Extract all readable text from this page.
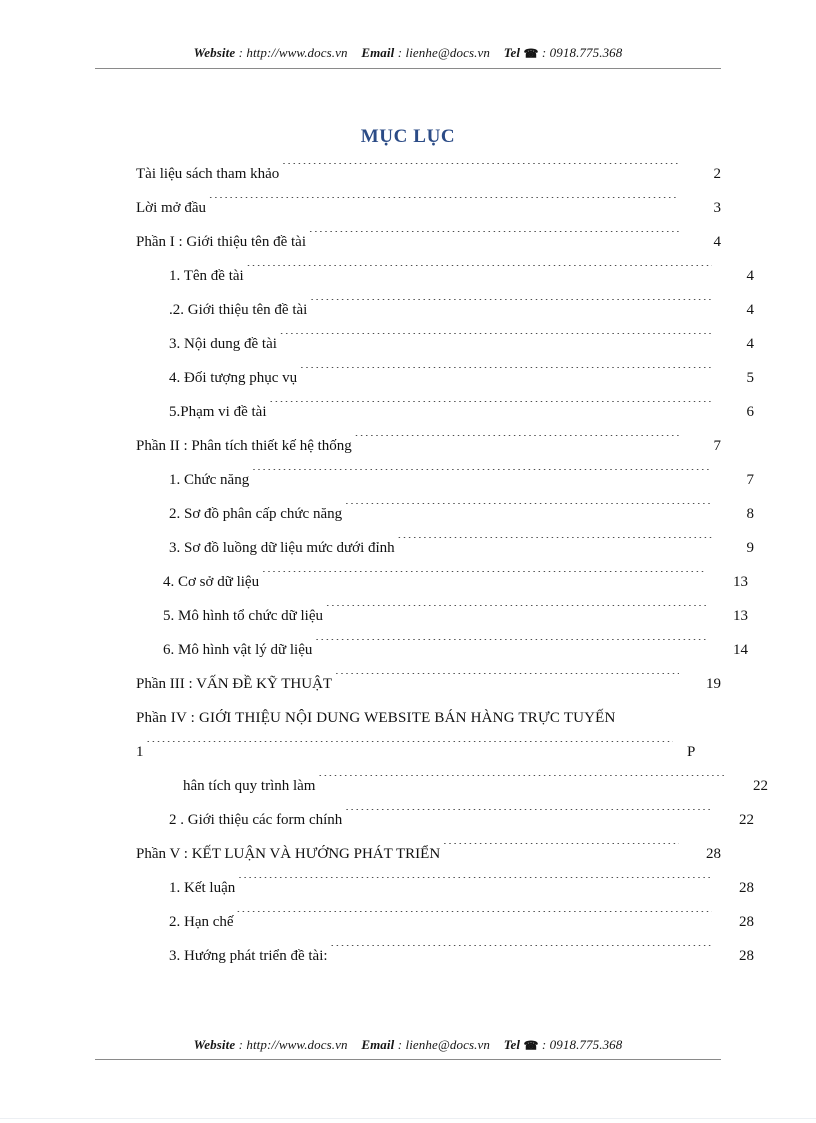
Website : http://www.docs.vn Email : lienhe@docs.vn Tel ☎ : 0918.775.368
MỤC LỤC
Tài liệu sách tham khảo .....	2
Lời mở đầu .....	3
Phần I : Giới thiệu tên đề tài .....	4
1. Tên đề tài .....	4
.2. Giới thiệu tên đề tài .....	4
3. Nội dung đề tài .....	4
4. Đối tượng phục vụ .....	5
5.Phạm vi đề tài .....	6
Phần II : Phân tích thiết kế hệ thống .....	7
1. Chức năng .....	7
2. Sơ đồ phân cấp chức năng .....	8
3. Sơ đồ luồng dữ liệu mức dưới đỉnh .....	9
4. Cơ sở dữ liệu .....	13
5. Mô hình tổ chức dữ liệu .....	13
6. Mô hình vật lý dữ liệu .....	14
Phần III : VẤN ĐỀ KỸ THUẬT .....	19
Phần IV : GIỚI THIỆU NỘI DUNG WEBSITE BÁN HÀNG TRỰC TUYẾN
1 .....	P
hân tích quy trình làm .....	22
2 . Giới thiệu các form chính .....	22
Phần V : KẾT LUẬN VÀ HƯỚNG PHÁT TRIỂN .....	28
1. Kết luận .....	28
2. Hạn chế .....	28
3. Hướng phát triển đề tài: .....	28
Website : http://www.docs.vn Email : lienhe@docs.vn Tel ☎ : 0918.775.368
